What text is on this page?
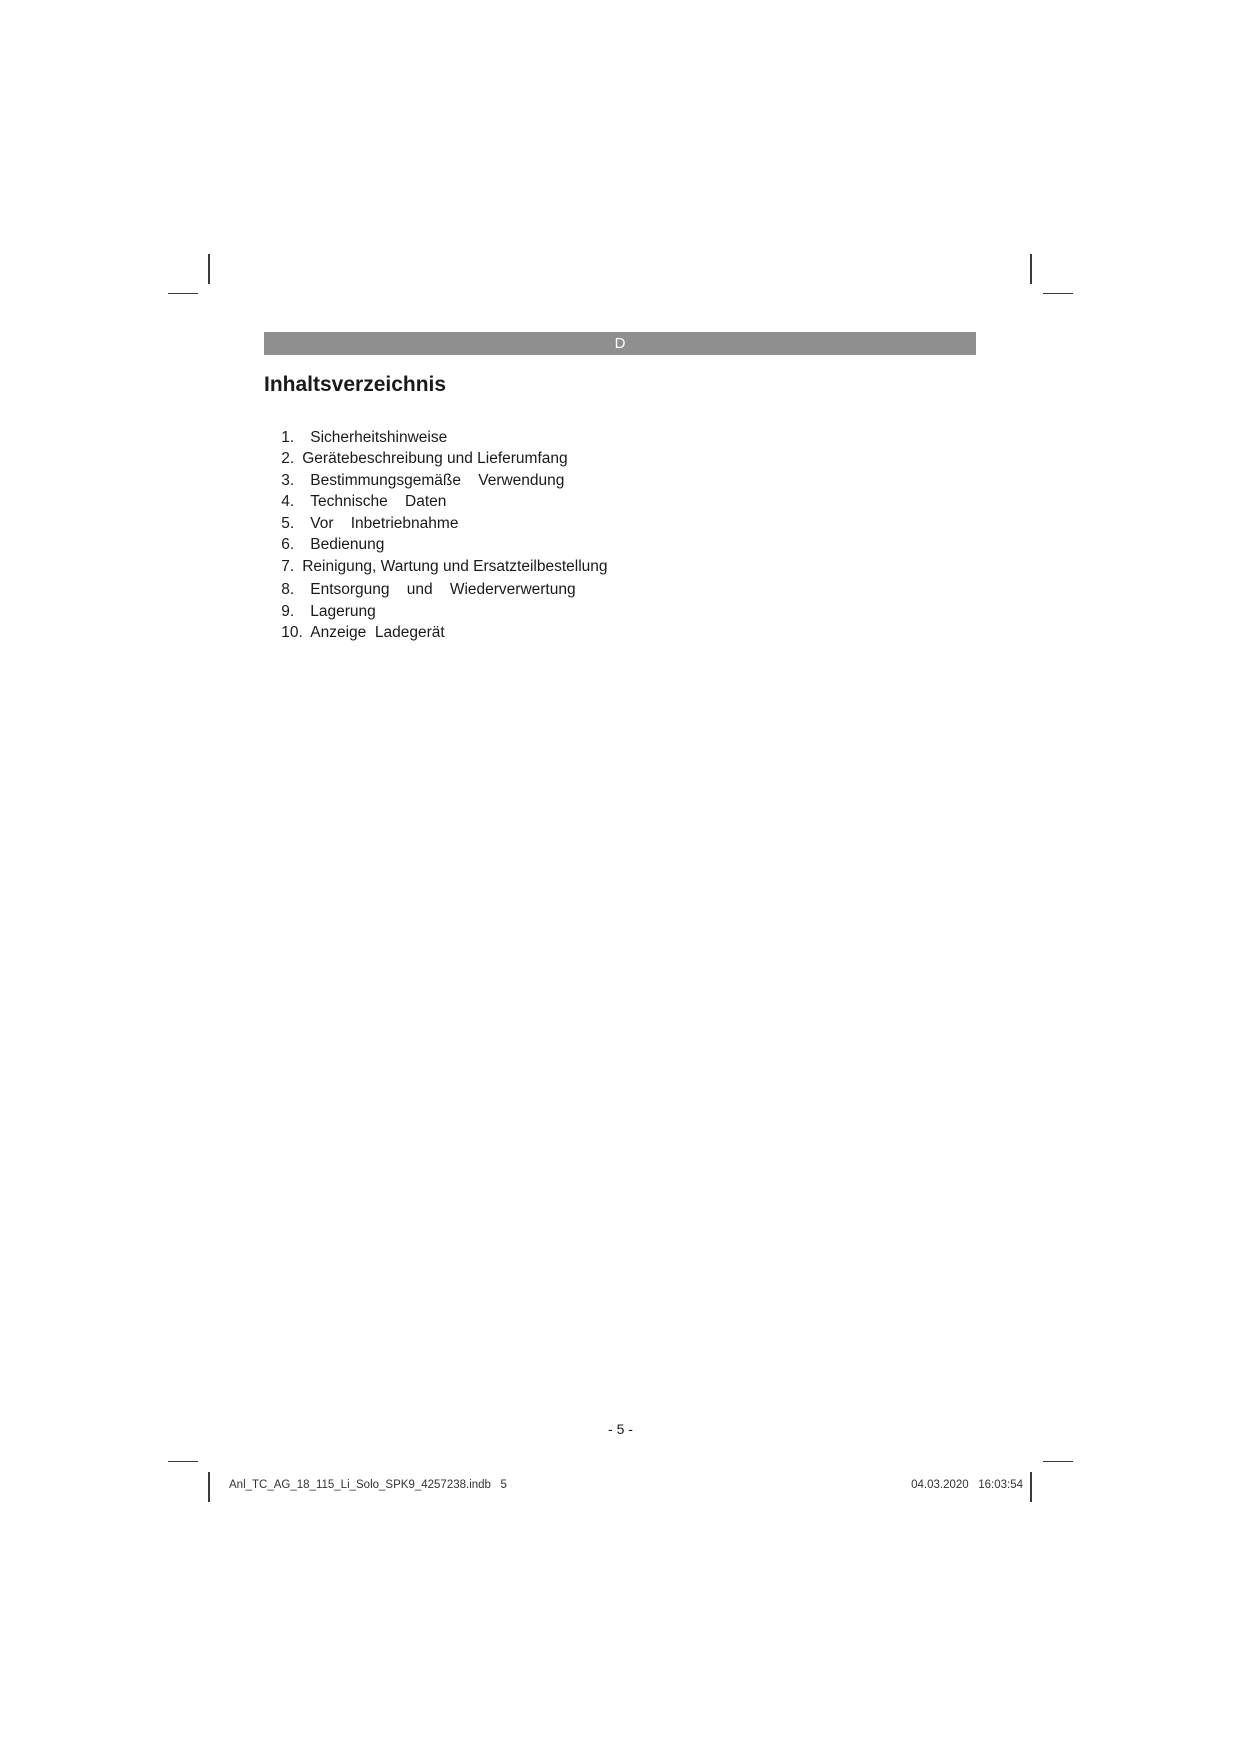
D
Inhaltsverzeichnis

1. Sicherheitshinweise

2. Gerätebeschreibung und Lieferumfang

3. Bestimmungsgemäße    Verwendung

4. Technische    Daten

5. Vor    Inbetriebnahme

6. Bedienung

7. Reinigung, Wartung und Ersatzteilbestellung

8. Entsorgung    und    Wiederverwertung

9. Lagerung

10. Anzeige  Ladegerät

- 5 -
Anl_TC_AG_18_115_Li_Solo_SPK9_4257238.indb   5	04.03.2020   16:03:54
